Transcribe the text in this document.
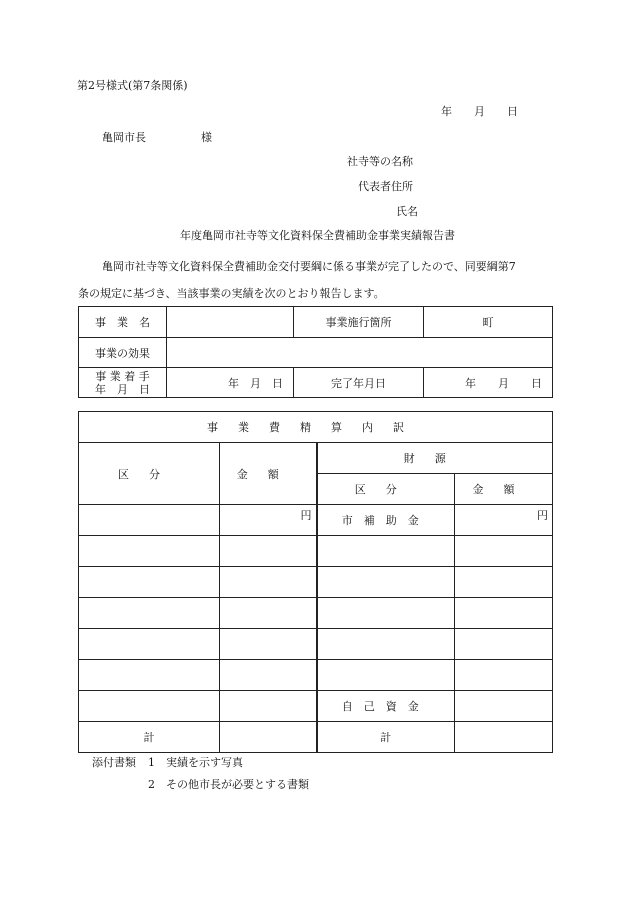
第2号様式(第7条関係)
年　　月　　日
亀岡市長　　　　　様
社寺等の名称
代表者住所
氏名
年度亀岡市社寺等文化資料保全費補助金事業実績報告書
亀岡市社寺等文化資料保全費補助金交付要綱に係る事業が完了したので、同要綱第7
条の規定に基づき、当該事業の実績を次のとおり報告します。
事　業　名		事業施行箇所	町
事業の効果			

事 業 着 手
年　月　日	年　月　日	完了年月日	年　　月　　日
事業費精算内訳			
区分	金額	財源	
		区分	金額
	円	市補助金	円

		自己資金	
計		計	
添付書類 1　実績を示す写真
2　その他市長が必要とする書類
